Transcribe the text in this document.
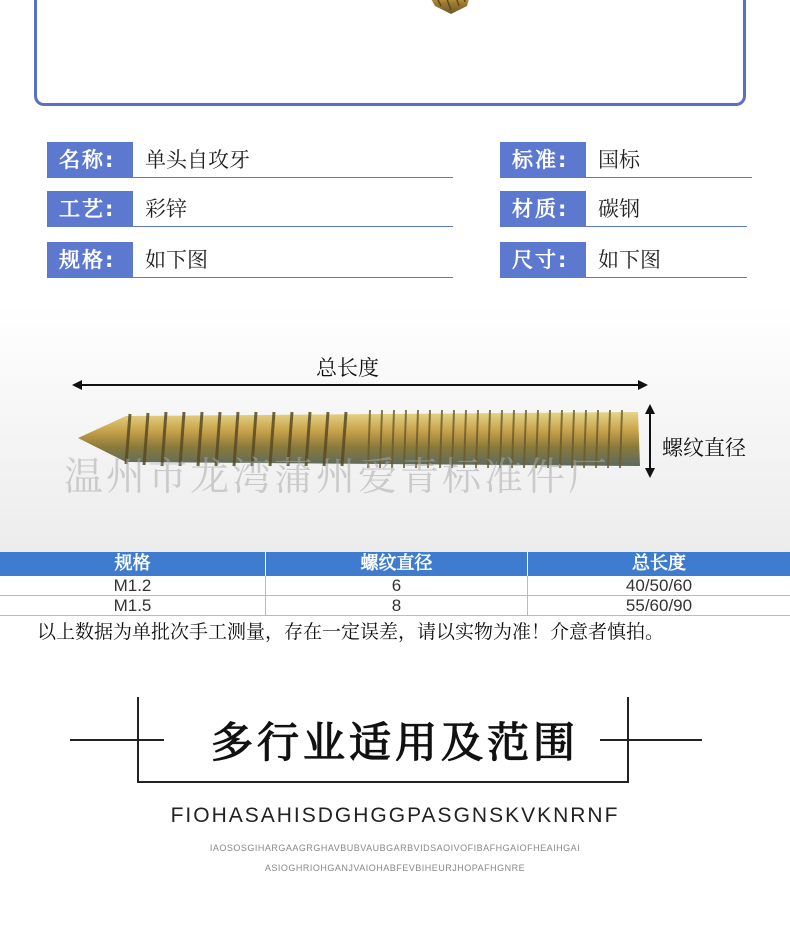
名称:	单头自攻牙	标准:	国标
工艺:	彩锌	材质:	碳钢
规格:	如下图	尺寸:	如下图
总长度
螺纹直径
温州市龙湾蒲州爱青标准件厂
规格	螺纹直径	总长度
M1.2	6	40/50/60
M1.5	8	55/60/90
以上数据为单批次手工测量，存在一定误差，请以实物为准！介意者慎拍。
多行业适用及范围
FIOHASAHISDGHGGPASGNSKVKNRNF
IAOSOSGIHARGAAGRGHAVBUBVAUBGARBVIDSAOIVOFIBAFHGAIOFHEAIHGAI
ASIOGHRIOHGANJVAIOHABFEVBIHEURJHOPAFHGNRE
